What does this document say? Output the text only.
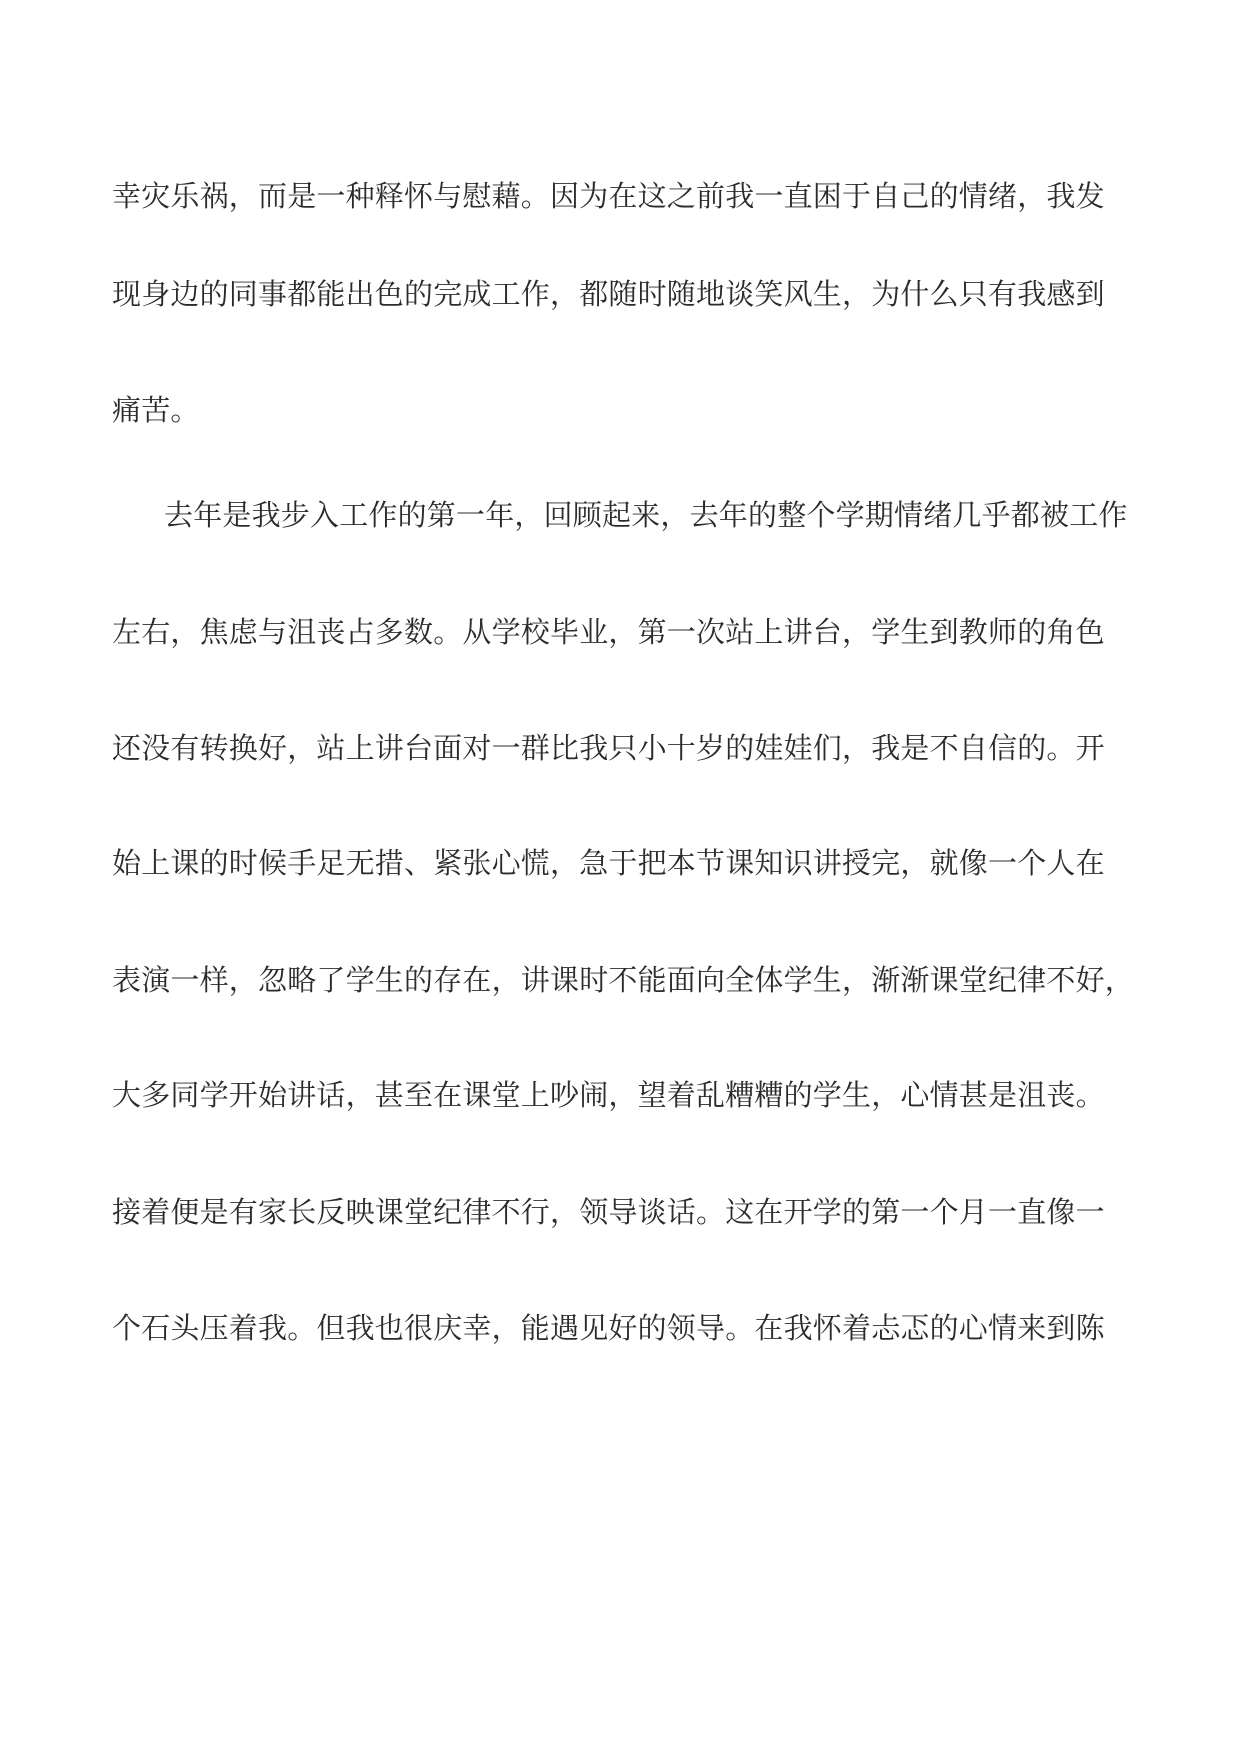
幸灾乐祸，而是一种释怀与慰藉。因为在这之前我一直困于自己的情绪，我发
现身边的同事都能出色的完成工作，都随时随地谈笑风生，为什么只有我感到
痛苦。
去年是我步入工作的第一年，回顾起来，去年的整个学期情绪几乎都被工作
左右，焦虑与沮丧占多数。从学校毕业，第一次站上讲台，学生到教师的角色
还没有转换好，站上讲台面对一群比我只小十岁的娃娃们，我是不自信的。开
始上课的时候手足无措、紧张心慌，急于把本节课知识讲授完，就像一个人在
表演一样，忽略了学生的存在，讲课时不能面向全体学生，渐渐课堂纪律不好，
大多同学开始讲话，甚至在课堂上吵闹，望着乱糟糟的学生，心情甚是沮丧。
接着便是有家长反映课堂纪律不行，领导谈话。这在开学的第一个月一直像一
个石头压着我。但我也很庆幸，能遇见好的领导。在我怀着忐忑的心情来到陈
